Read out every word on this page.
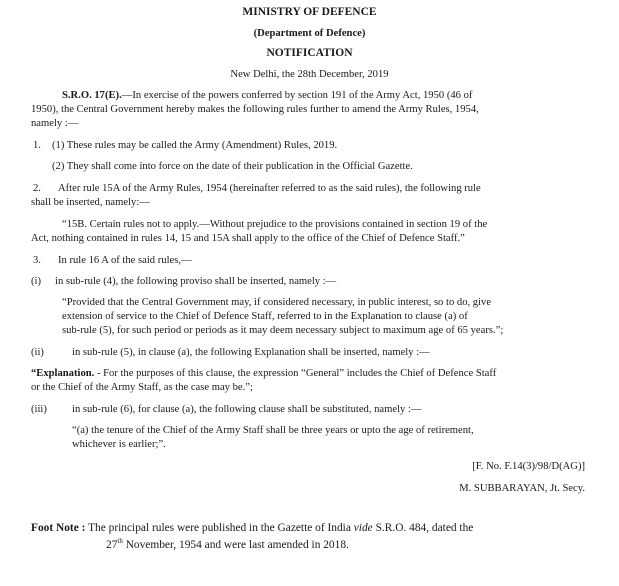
MINISTRY OF DEFENCE
(Department of Defence)
NOTIFICATION
New Delhi, the 28th December, 2019
S.R.O. 17(E).—In exercise of the powers conferred by section 191 of the Army Act, 1950 (46 of
1950), the Central Government hereby makes the following rules further to amend the Army Rules, 1954,
namely :—
1. (1) These rules may be called the Army (Amendment) Rules, 2019.
(2) They shall come into force on the date of their publication in the Official Gazette.
2. After rule 15A of the Army Rules, 1954 (hereinafter referred to as the said rules), the following rule
shall be inserted, namely:—
“15B. Certain rules not to apply.—Without prejudice to the provisions contained in section 19 of the
Act, nothing contained in rules 14, 15 and 15A shall apply to the office of the Chief of Defence Staff.”
3. In rule 16 A of the said rules,—
(i) in sub-rule (4), the following proviso shall be inserted, namely :—
“Provided that the Central Government may, if considered necessary, in public interest, so to do, give
extension of service to the Chief of Defence Staff, referred to in the Explanation to clause (a) of
sub-rule (5), for such period or periods as it may deem necessary subject to maximum age of 65 years.”;
(ii)	in sub-rule (5), in clause (a), the following Explanation shall be inserted, namely :—
“Explanation. - For the purposes of this clause, the expression “General” includes the Chief of Defence Staff
or the Chief of the Army Staff, as the case may be.”;
(iii) in sub-rule (6), for clause (a), the following clause shall be substituted, namely :—
“(a) the tenure of the Chief of the Army Staff shall be three years or upto the age of retirement,
whichever is earlier;”.
[F. No. F.14(3)/98/D(AG)]
M. SUBBARAYAN, Jt. Secy.
Foot Note : The principal rules were published in the Gazette of India vide S.R.O. 484, dated the
27th November, 1954 and were last amended in 2018.
